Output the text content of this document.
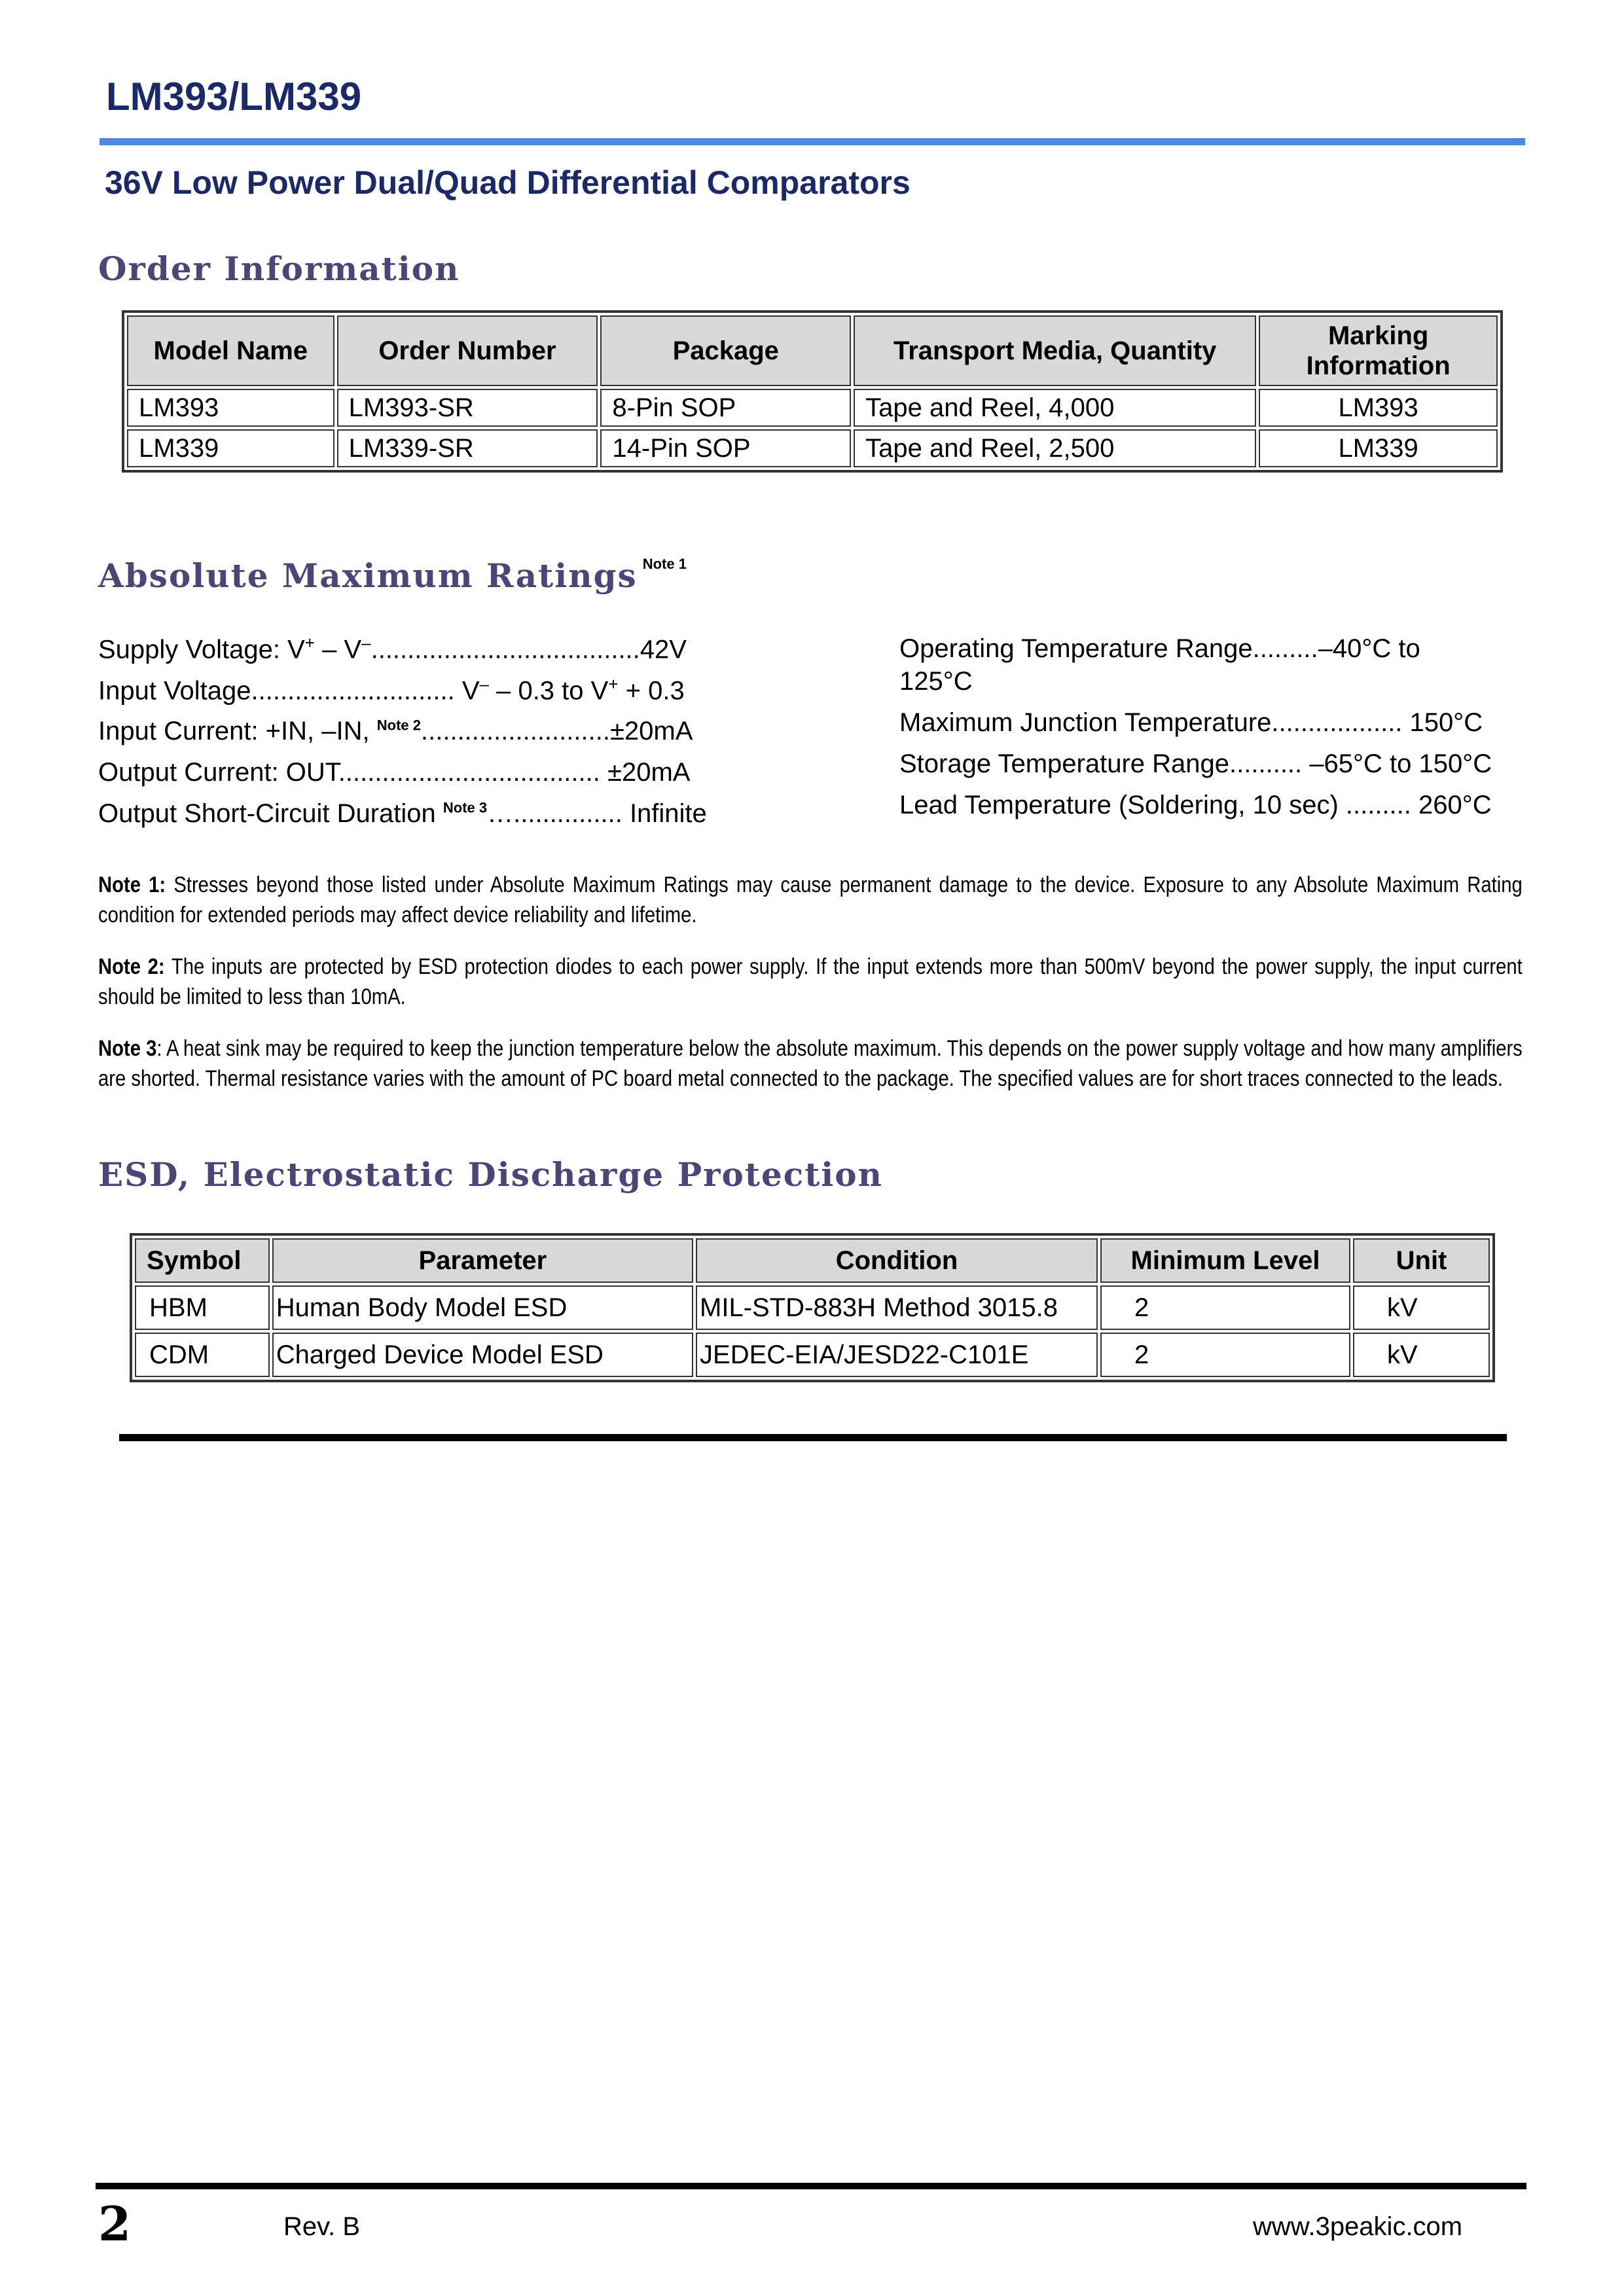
LM393/LM339
36V Low Power Dual/Quad Differential Comparators
Order Information
Model Name	Order Number	Package	Transport Media, Quantity	Marking Information
LM393	LM393-SR	8-Pin SOP	Tape and Reel, 4,000	LM393
LM339	LM339-SR	14-Pin SOP	Tape and Reel, 2,500	LM339
Absolute Maximum Ratings $^{Note 1}$
Supply Voltage: V+ – V–.....................................42V
Input Voltage............................ V– – 0.3 to V+ + 0.3
Input Current: +IN, –IN, $^{Note 2}$..........................±20mA
Output Current: OUT.................................... ±20mA
Output Short-Circuit Duration $^{Note 3}$…............... Infinite
Operating Temperature Range.........–40°C to
125°C
Maximum Junction Temperature.................. 150°C
Storage Temperature Range.......... –65°C to 150°C
Lead Temperature (Soldering, 10 sec) ......... 260°C
Note 1: Stresses beyond those listed under Absolute Maximum Ratings may cause permanent damage to the device. Exposure to any Absolute Maximum Rating condition for extended periods may affect device reliability and lifetime.
Note 2: The inputs are protected by ESD protection diodes to each power supply. If the input extends more than 500mV beyond the power supply, the input current should be limited to less than 10mA.
Note 3: A heat sink may be required to keep the junction temperature below the absolute maximum. This depends on the power supply voltage and how many amplifiers are shorted. Thermal resistance varies with the amount of PC board metal connected to the package. The specified values are for short traces connected to the leads.
ESD, Electrostatic Discharge Protection
Symbol	Parameter	Condition	Minimum Level	Unit
HBM	Human Body Model ESD	MIL-STD-883H Method 3015.8	2	kV
CDM	Charged Device Model ESD	JEDEC-EIA/JESD22-C101E	2	kV
2	Rev. B	www.3peakic.com
